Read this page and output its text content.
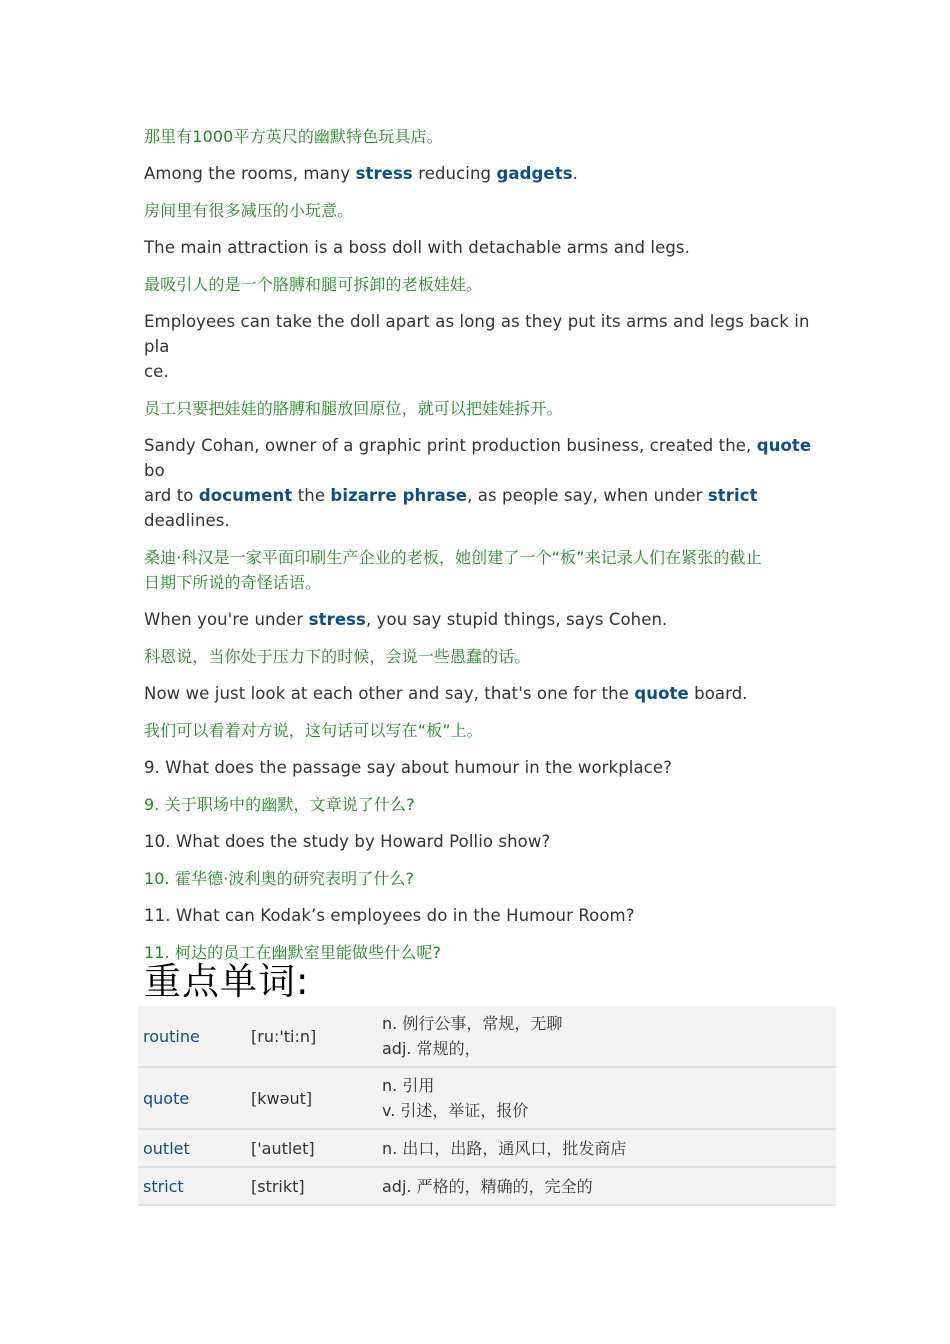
那里有1000平方英尺的幽默特色玩具店。

Among the rooms, many stress reducing gadgets.

房间里有很多减压的小玩意。

The main attraction is a boss doll with detachable arms and legs.

最吸引人的是一个胳膊和腿可拆卸的老板娃娃。

Employees can take the doll apart as long as they put its arms and legs back in pla
ce.

员工只要把娃娃的胳膊和腿放回原位，就可以把娃娃拆开。

Sandy Cohan, owner of a graphic print production business, created the, quote bo
ard to document the bizarre phrase, as people say, when under strict deadlines.

桑迪·科汉是一家平面印刷生产企业的老板，她创建了一个“板”来记录人们在紧张的截止
日期下所说的奇怪话语。

When you're under stress, you say stupid things, says Cohen.

科恩说，当你处于压力下的时候，会说一些愚蠢的话。

Now we just look at each other and say, that's one for the quote board.

我们可以看着对方说，这句话可以写在“板”上。

9. What does the passage say about humour in the workplace?

9. 关于职场中的幽默，文章说了什么?

10. What does the study by Howard Pollio show?

10. 霍华德·波利奥的研究表明了什么?

11. What can Kodak’s employees do in the Humour Room?

11. 柯达的员工在幽默室里能做些什么呢?

重点单词:
routine	[ru:'ti:n]	n. 例行公事，常规，无聊
adj. 常规的，

quote	[kwəut]	n. 引用
v. 引述，举证，报价

outlet	['autlet]	n. 出口，出路，通风口，批发商店

strict	[strikt]	adj. 严格的，精确的，完全的
